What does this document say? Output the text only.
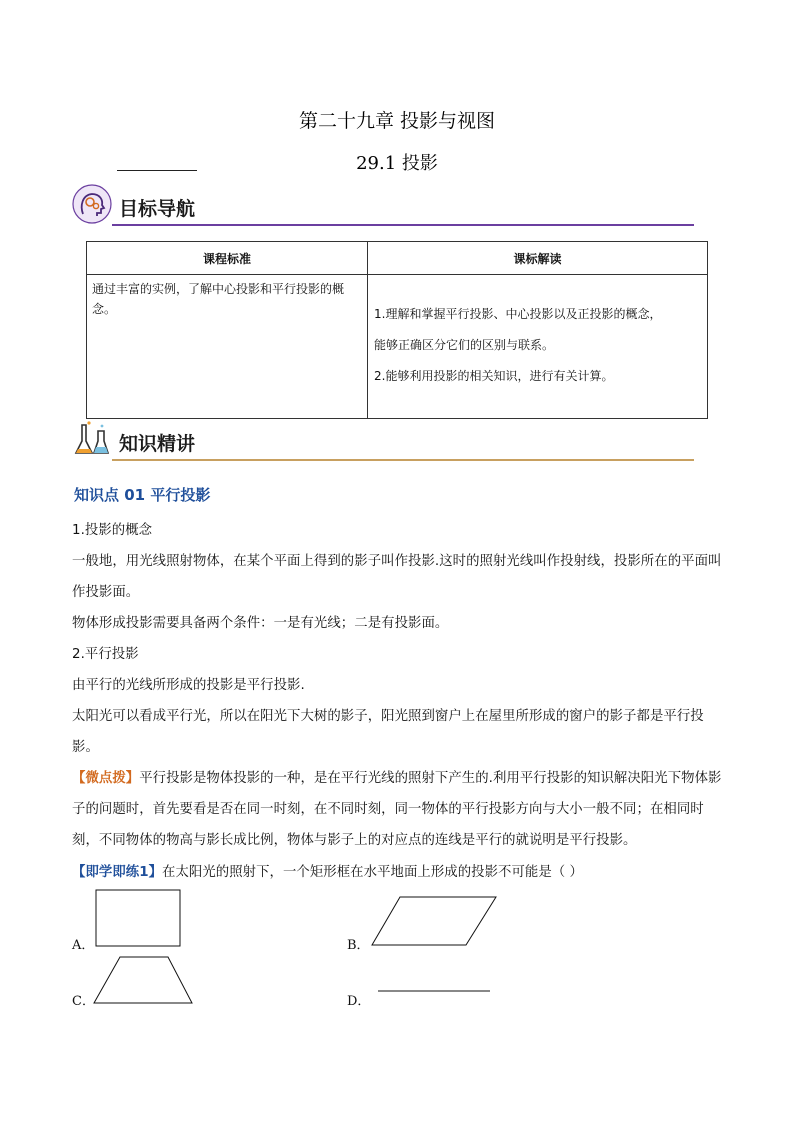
第二十九章 投影与视图
29.1 投影
目标导航
课程标准	课标解读
通过丰富的实例，了解中心投影和平行投影的概念。	1.理解和掌握平行投影、中心投影以及正投影的概念，
能够正确区分它们的区别与联系。
2.能够利用投影的相关知识，进行有关计算。
知识精讲
知识点 01 平行投影
1.投影的概念
一般地，用光线照射物体，在某个平面上得到的影子叫作投影.这时的照射光线叫作投射线，投影所在的平面叫作投影面。
物体形成投影需要具备两个条件：一是有光线；二是有投影面。
2.平行投影
由平行的光线所形成的投影是平行投影.
太阳光可以看成平行光，所以在阳光下大树的影子，阳光照到窗户上在屋里所形成的窗户的影子都是平行投影。
【微点拨】平行投影是物体投影的一种，是在平行光线的照射下产生的.利用平行投影的知识解决阳光下物体影子的问题时，首先要看是否在同一时刻，在不同时刻，同一物体的平行投影方向与大小一般不同；在相同时刻，不同物体的物高与影长成比例，物体与影子上的对应点的连线是平行的就说明是平行投影。
【即学即练1】在太阳光的照射下，一个矩形框在水平地面上形成的投影不可能是（ ）
A．	B．
C．	D．
